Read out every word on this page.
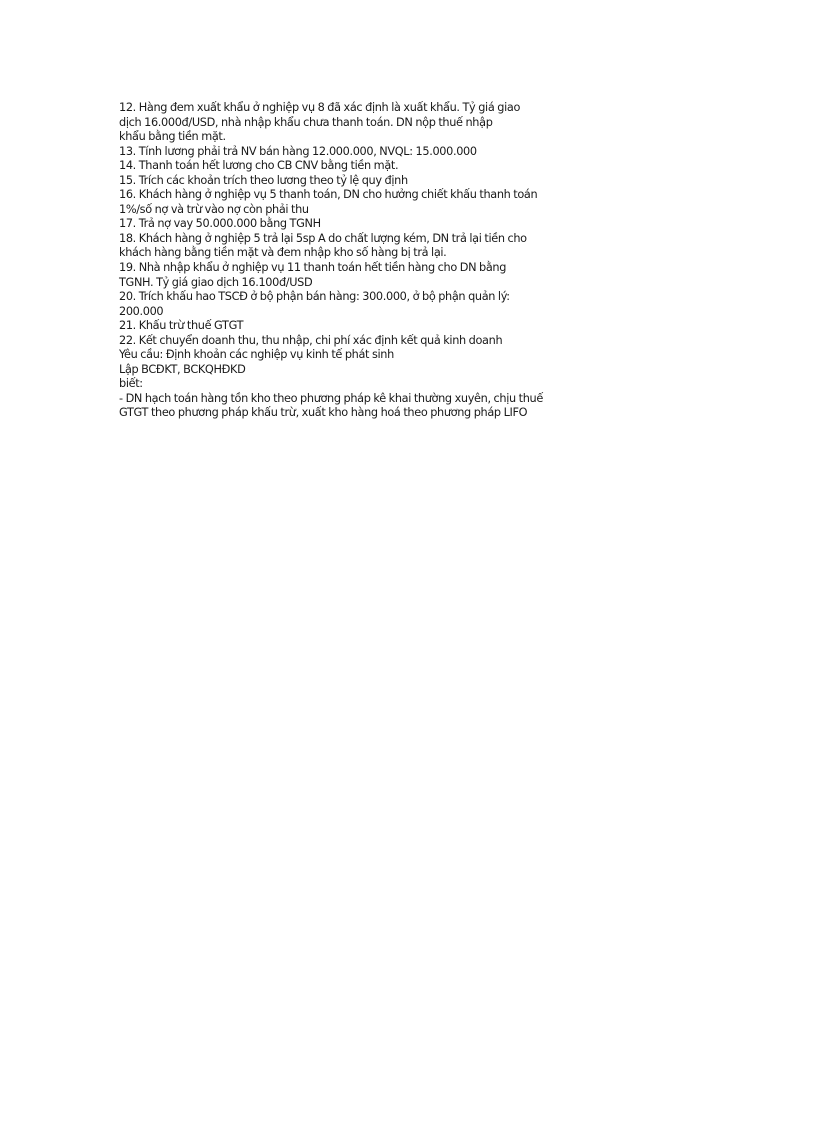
12. Hàng đem xuất khẩu ở nghiệp vụ 8 đã xác định là xuất khẩu. Tỷ giá giao
dịch 16.000đ/USD, nhà nhập khẩu chưa thanh toán. DN nộp thuế nhập
khẩu bằng tiền mặt.
13. Tính lương phải trả NV bán hàng 12.000.000, NVQL: 15.000.000
14. Thanh toán hết lương cho CB CNV bằng tiền mặt.
15. Trích các khoản trích theo lương theo tỷ lệ quy định
16. Khách hàng ở nghiệp vụ 5 thanh toán, DN cho hưởng chiết khấu thanh toán
1%/số nợ và trừ vào nợ còn phải thu
17. Trả nợ vay 50.000.000 bằng TGNH
18. Khách hàng ở nghiệp 5 trả lại 5sp A do chất lượng kém, DN trả lại tiền cho
khách hàng bằng tiền mặt và đem nhập kho số hàng bị trả lại.
19. Nhà nhập khẩu ở nghiệp vụ 11 thanh toán hết tiền hàng cho DN bằng
TGNH. Tỷ giá giao dịch 16.100đ/USD
20. Trích khấu hao TSCĐ ở bộ phận bán hàng: 300.000, ở bộ phận quản lý:
200.000
21. Khấu trừ thuế GTGT
22. Kết chuyển doanh thu, thu nhập, chi phí xác định kết quả kinh doanh
Yêu cầu: Định khoản các nghiệp vụ kinh tế phát sinh
Lập BCĐKT, BCKQHĐKD
biết:
- DN hạch toán hàng tồn kho theo phương pháp kê khai thường xuyên, chịu thuế
GTGT theo phương pháp khấu trừ, xuất kho hàng hoá theo phương pháp LIFO
